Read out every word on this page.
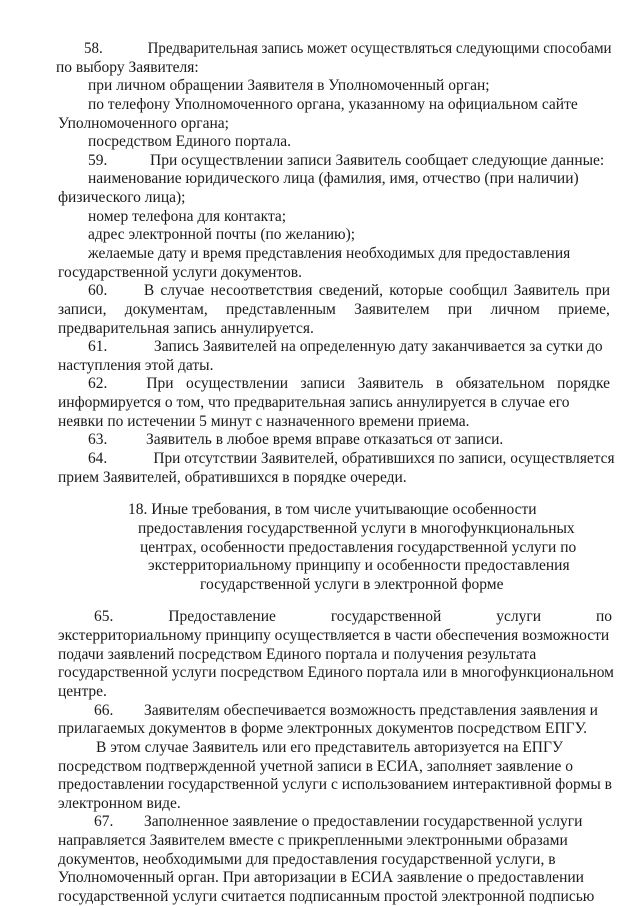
58.	Предварительная запись может осуществляться следующими способами
по выбору Заявителя:
при личном обращении Заявителя в Уполномоченный орган;
по телефону Уполномоченного органа, указанному на официальном сайте
Уполномоченного органа;
посредством Единого портала.
59.	При осуществлении записи Заявитель сообщает следующие данные:
наименование юридического лица (фамилия, имя, отчество (при наличии)
физического лица);
номер телефона для контакта;
адрес электронной почты (по желанию);
желаемые дату и время представления необходимых для предоставления
государственной услуги документов.
60. В случае несоответствия сведений, которые сообщил Заявитель при
записи, документам, представленным Заявителем при личном приеме,
предварительная запись аннулируется.
61.	Запись Заявителей на определенную дату заканчивается за сутки до
наступления этой даты.
62.	При осуществлении записи Заявитель в обязательном порядке
информируется о том, что предварительная запись аннулируется в случае его
неявки по истечении 5 минут с назначенного времени приема.
63. Заявитель в любое время вправе отказаться от записи.
64.	При отсутствии Заявителей, обратившихся по записи, осуществляется
прием Заявителей, обратившихся в порядке очереди.
18. Иные требования, в том числе учитывающие особенности
предоставления государственной услуги в многофункциональных
центрах, особенности предоставления государственной услуги по
экстерриториальному принципу и особенности предоставления
государственной услуги в электронной форме
65.	Предоставление	государственной	услуги	по
экстерриториальному принципу осуществляется в части обеспечения возможности
подачи заявлений посредством Единого портала и получения результата
государственной услуги посредством Единого портала или в многофункциональном
центре.
66. Заявителям обеспечивается возможность представления заявления и
прилагаемых документов в форме электронных документов посредством ЕПГУ.
В этом случае Заявитель или его представитель авторизуется на ЕПГУ
посредством подтвержденной учетной записи в ЕСИА, заполняет заявление о
предоставлении государственной услуги с использованием интерактивной формы в
электронном виде.
67. Заполненное заявление о предоставлении государственной услуги
направляется Заявителем вместе с прикрепленными электронными образами
документов, необходимыми для предоставления государственной услуги, в
Уполномоченный орган. При авторизации в ЕСИА заявление о предоставлении
государственной услуги считается подписанным простой электронной подписью
